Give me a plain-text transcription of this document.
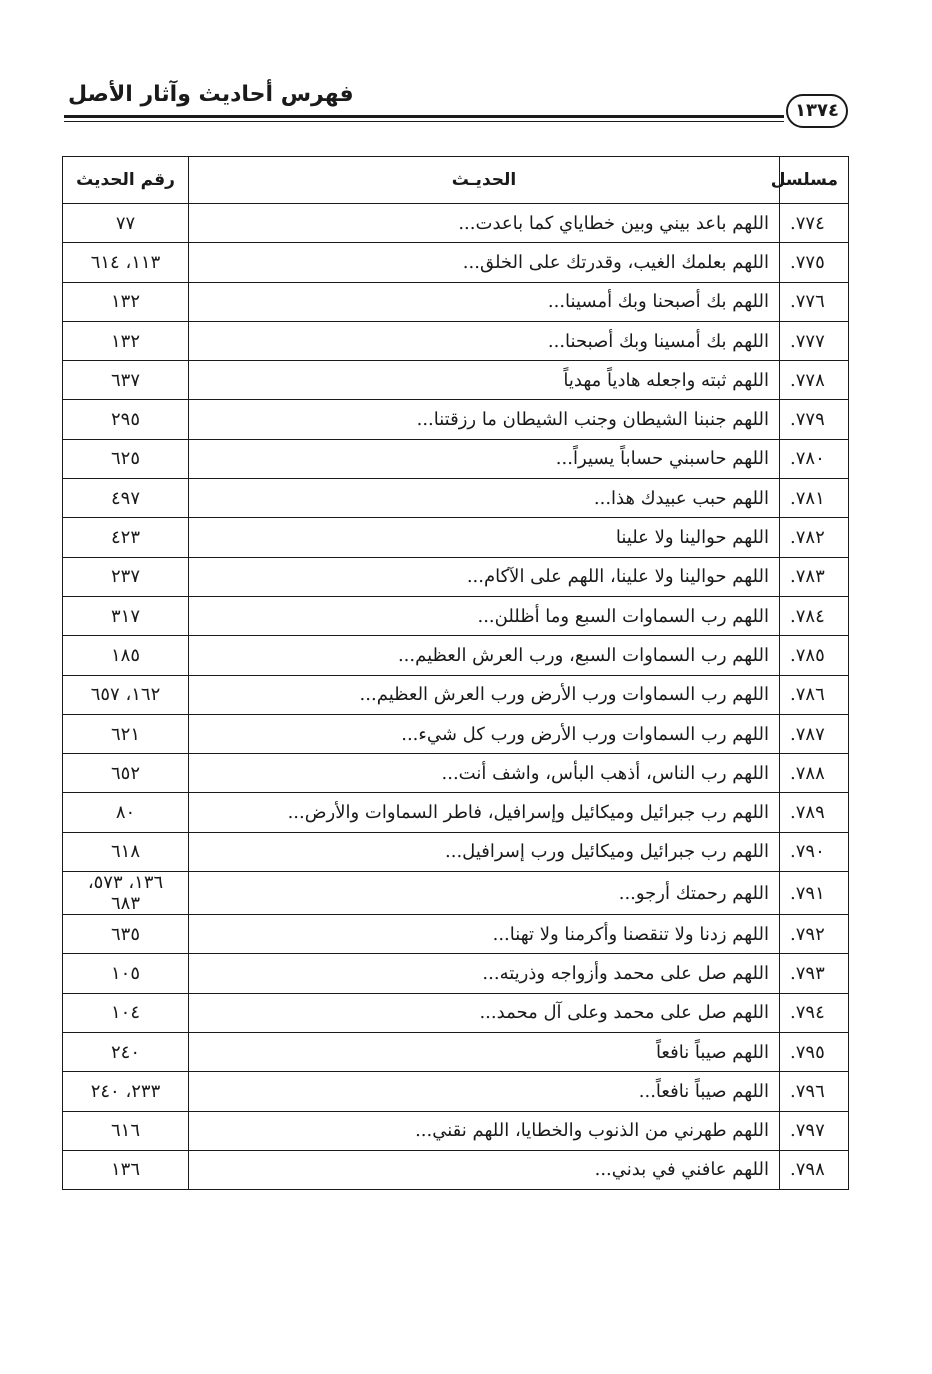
فهرس أحاديث وآثار الأصل
١٣٧٤
مسلسل	الحديـث	رقم الحديث
٧٧٤.	اللهم باعد بيني وبين خطاياي كما باعدت...	٧٧
٧٧٥.	اللهم بعلمك الغيب، وقدرتك على الخلق...	١١٣، ٦١٤
٧٧٦.	اللهم بك أصبحنا وبك أمسينا...	١٣٢
٧٧٧.	اللهم بك أمسينا وبك أصبحنا...	١٣٢
٧٧٨.	اللهم ثبته واجعله هادياً مهدياً	٦٣٧
٧٧٩.	اللهم جنبنا الشيطان وجنب الشيطان ما رزقتنا...	٢٩٥
٧٨٠.	اللهم حاسبني حساباً يسيراً...	٦٢٥
٧٨١.	اللهم حبب عبيدك هذا...	٤٩٧
٧٨٢.	اللهم حوالينا ولا علينا	٤٢٣
٧٨٣.	اللهم حوالينا ولا علينا، اللهم على الآكام...	٢٣٧
٧٨٤.	اللهم رب السماوات السبع وما أظللن...	٣١٧
٧٨٥.	اللهم رب السماوات السبع، ورب العرش العظيم...	١٨٥
٧٨٦.	اللهم رب السماوات ورب الأرض ورب العرش العظيم...	١٦٢، ٦٥٧
٧٨٧.	اللهم رب السماوات ورب الأرض ورب كل شيء...	٦٢١
٧٨٨.	اللهم رب الناس، أذهب البأس، واشف أنت...	٦٥٢
٧٨٩.	اللهم رب جبرائيل وميكائيل وإسرافيل، فاطر السماوات والأرض...	٨٠
٧٩٠.	اللهم رب جبرائيل وميكائيل ورب إسرافيل...	٦١٨
٧٩١.	اللهم رحمتك أرجو...	١٣٦، ٥٧٣، ٦٨٣
٧٩٢.	اللهم زدنا ولا تنقصنا وأكرمنا ولا تهنا...	٦٣٥
٧٩٣.	اللهم صل على محمد وأزواجه وذريته...	١٠٥
٧٩٤.	اللهم صل على محمد وعلى آل محمد...	١٠٤
٧٩٥.	اللهم صيباً نافعاً	٢٤٠
٧٩٦.	اللهم صيباً نافعاً...	٢٣٣، ٢٤٠
٧٩٧.	اللهم طهرني من الذنوب والخطايا، اللهم نقني...	٦١٦
٧٩٨.	اللهم عافني في بدني...	١٣٦
